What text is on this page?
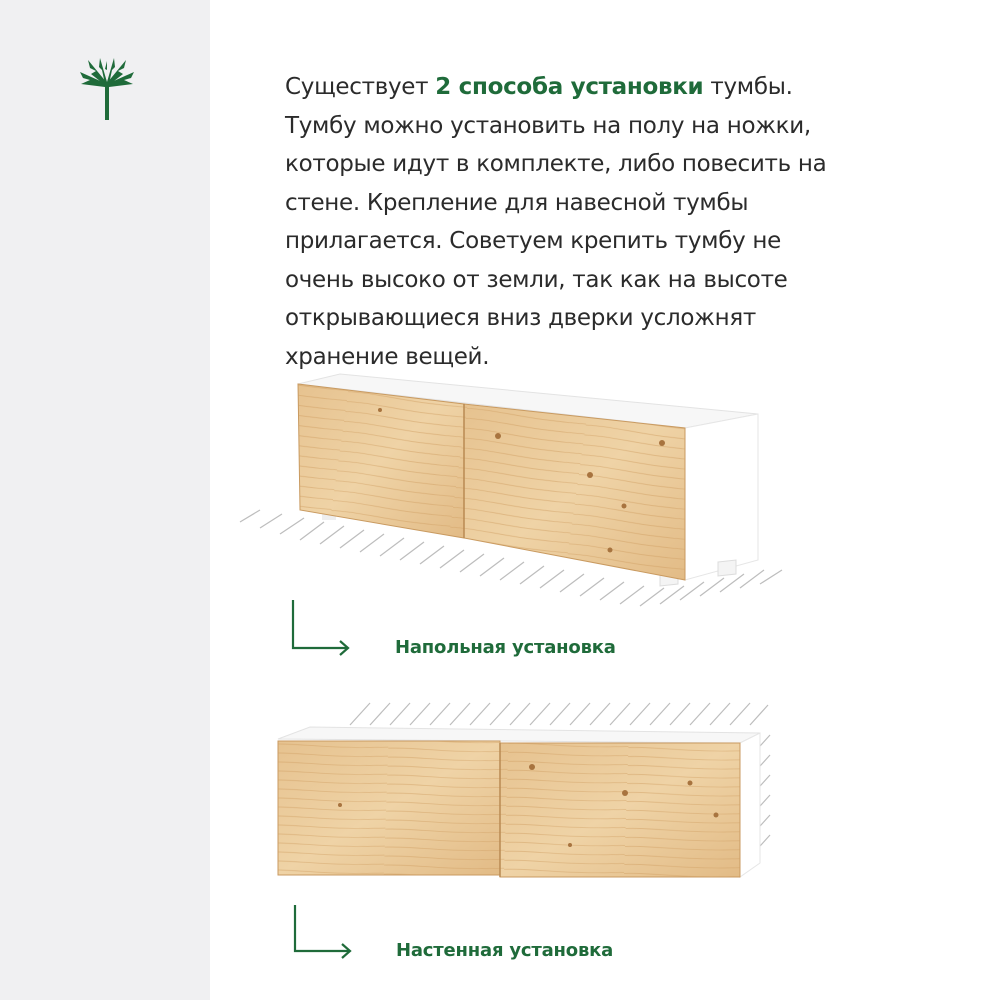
Существует 2 способа установки тумбы. Тумбу можно установить на полу на ножки, которые идут в комплекте, либо повесить на стене. Крепление для навесной тумбы прилагается. Советуем крепить тумбу не очень высоко от земли, так как на высоте открывающиеся вниз дверки усложнят хранение вещей.
Напольная установка
Настенная установка
